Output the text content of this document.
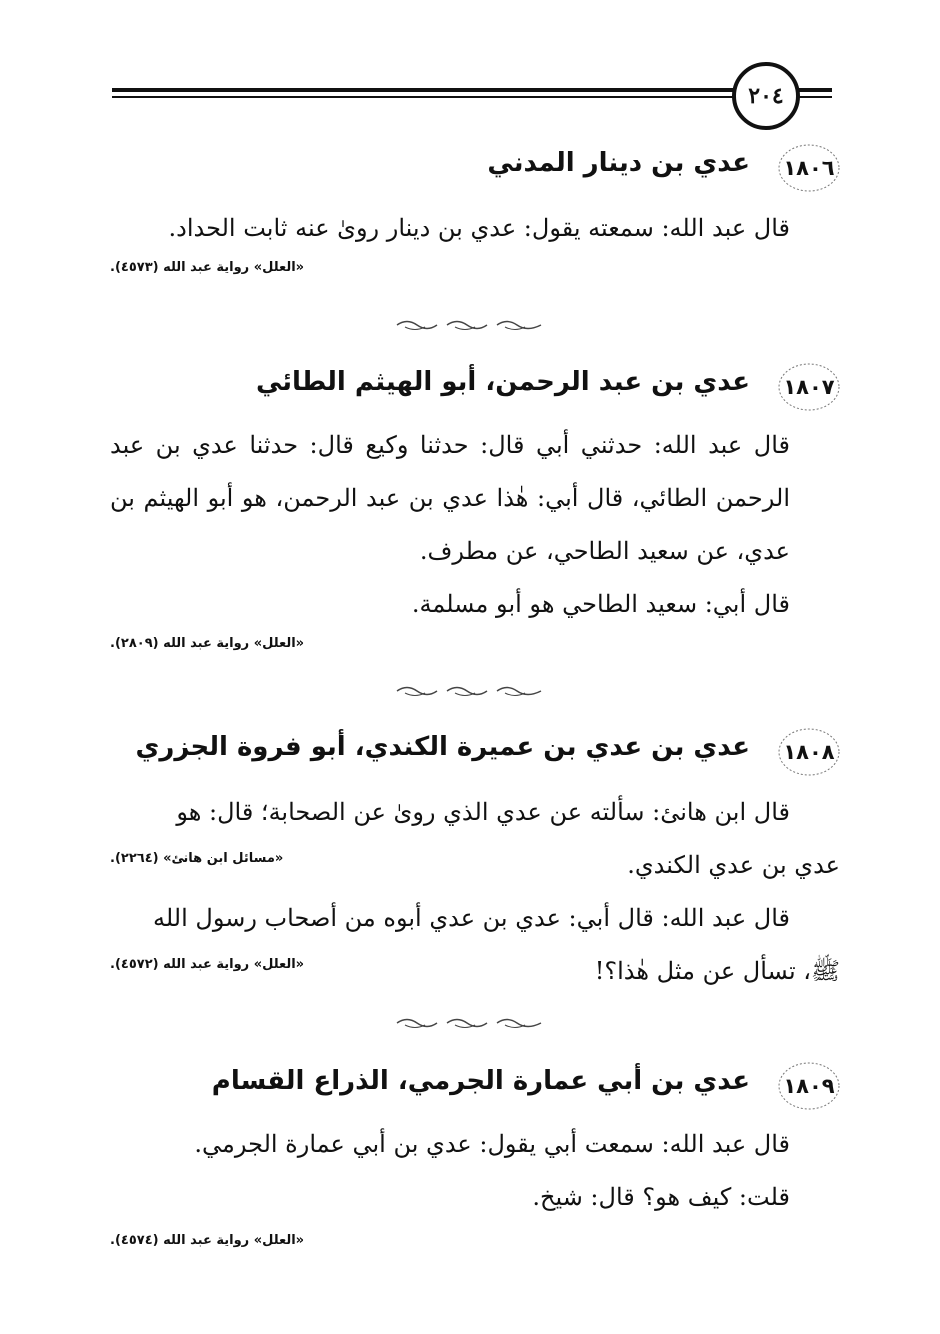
٢٠٤
١٨٠٦
عدي بن دينار المدني

قال عبد الله: سمعته يقول: عدي بن دينار روىٰ عنه ثابت الحداد.

«العلل» رواية عبد الله (٤٥٧٣).

١٨٠٧
عدي بن عبد الرحمن، أبو الهيثم الطائي

قال عبد الله: حدثني أبي قال: حدثنا وكيع قال: حدثنا عدي بن عبد الرحمن الطائي، قال أبي: هٰذا عدي بن عبد الرحمن، هو أبو الهيثم بن عدي، عن سعيد الطاحي، عن مطرف.

قال أبي: سعيد الطاحي هو أبو مسلمة.

«العلل» رواية عبد الله (٢٨٠٩).

١٨٠٨
عدي بن عدي بن عميرة الكندي، أبو فروة الجزري

قال ابن هانئ: سألته عن عدي الذي روىٰ عن الصحابة؛ قال: هو

عدي بن عدي الكندي.

«مسائل ابن هانئ» (٢٢٦٤).

قال عبد الله: قال أبي: عدي بن عدي أبوه من أصحاب رسول الله

ﷺ، تسأل عن مثل هٰذا؟!

«العلل» رواية عبد الله (٤٥٧٢).
١٨٠٩
عدي بن أبي عمارة الجرمي، الذراع القسام

قال عبد الله: سمعت أبي يقول: عدي بن أبي عمارة الجرمي.

قلت: كيف هو؟ قال: شيخ.

«العلل» رواية عبد الله (٤٥٧٤).
